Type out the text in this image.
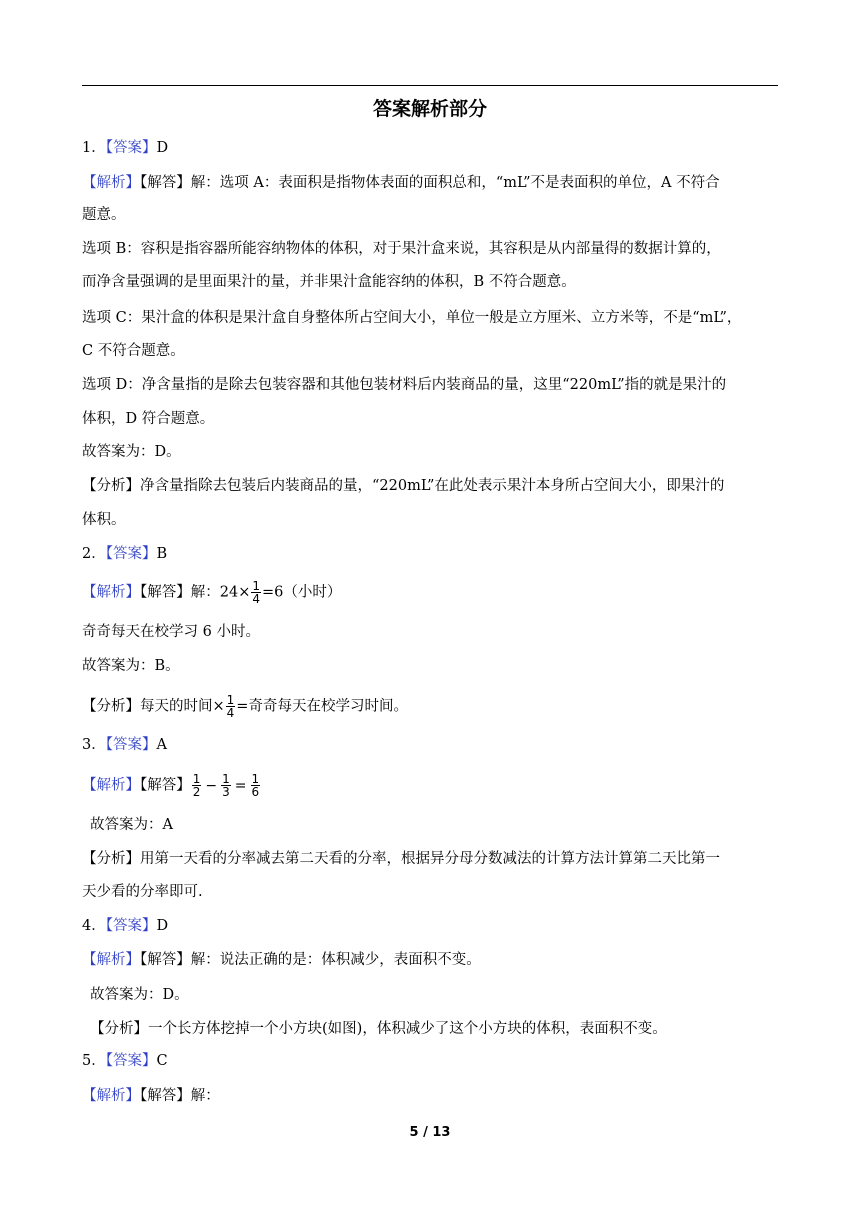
答案解析部分
1．【答案】D
【解析】【解答】解：选项 A：表面积是指物体表面的面积总和，“mL”不是表面积的单位，A 不符合
题意。
选项 B：容积是指容器所能容纳物体的体积，对于果汁盒来说，其容积是从内部量得的数据计算的，
而净含量强调的是里面果汁的量，并非果汁盒能容纳的体积，B 不符合题意。
选项 C：果汁盒的体积是果汁盒自身整体所占空间大小，单位一般是立方厘米、立方米等，不是“mL”，
C 不符合题意。
选项 D：净含量指的是除去包装容器和其他包装材料后内装商品的量，这里“220mL”指的就是果汁的
体积，D 符合题意。
故答案为：D。
【分析】净含量指除去包装后内装商品的量，“220mL”在此处表示果汁本身所占空间大小，即果汁的
体积。
2．【答案】B
【解析】【解答】解：$24\times \frac{1}{4} =6$（小时）
奇奇每天在校学习 6 小时。
故答案为：B。
【分析】每天的时间× $\frac{1}{4}$ =奇奇每天在校学习时间。
3．【答案】A
【解析】【解答】 $\frac{1}{2} - \frac{1}{3} = \frac{1}{6}$
故答案为：A
【分析】用第一天看的分率减去第二天看的分率，根据异分母分数减法的计算方法计算第二天比第一
天少看的分率即可.
4．【答案】D
【解析】【解答】解：说法正确的是：体积减少，表面积不变。
故答案为：D。
【分析】一个长方体挖掉一个小方块(如图)，体积减少了这个小方块的体积，表面积不变。
5．【答案】C
【解析】【解答】解：
5 / 13
